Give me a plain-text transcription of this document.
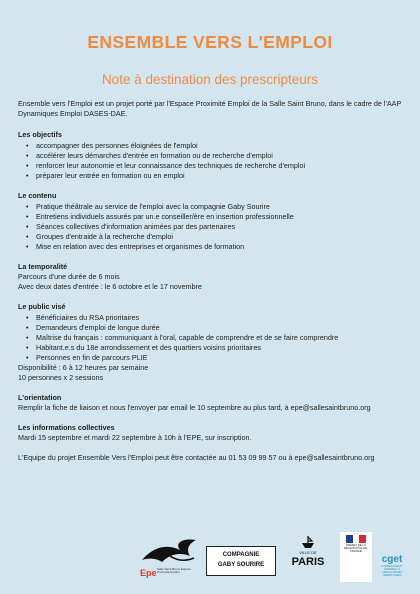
ENSEMBLE VERS L'EMPLOI
Note à destination des prescripteurs

Ensemble vers l'Emploi est un projet porté par l'Espace Proximité Emploi de la Salle Saint Bruno, dans le cadre de l'AAP Dynamiques Emploi DASES-DAE.

Les objectifs

• accompagner des personnes éloignées de l'emploi
• accélérer leurs démarches d'entrée en formation ou de recherche d'emploi
• renforcer leur autonomie et leur connaissance des techniques de recherche d'emploi
• préparer leur entrée en formation ou en emploi

Le contenu

• Pratique théâtrale au service de l'emploi avec la compagnie Gaby Sourire
• Entretiens individuels assurés par un.e conseiller/ère en insertion professionnelle
• Séances collectives d'information animées par des partenaires
• Groupes d'entraide à la recherche d'emploi
• Mise en relation avec des entreprises et organismes de formation

La temporalité

Parcours d'une durée de 6 mois

Avec deux dates d'entrée : le 6 octobre et le 17 novembre

Le public visé

• Bénéficiaires du RSA prioritaires
• Demandeurs d'emploi de longue durée
• Maîtrise du français : communiquant à l'oral, capable de comprendre et de se faire comprendre
• Habitant.e.s du 18e arrondissement et des quartiers voisins prioritaires
• Personnes en fin de parcours PLIE

Disponibilité : 6 à 12 heures par semaine

10 personnes x 2 sessions

L'orientation

Remplir la fiche de liaison et nous l'envoyer par email le 10 septembre au plus tard, à epe@sallesaintbruno.org

Les informations collectives

Mardi 15 septembre et mardi 22 septembre à 10h à l'EPE, sur inscription.

L'Equipe du projet Ensemble Vers l'Emploi peut être contactée au 01 53 09 99 57 ou à epe@sallesaintbruno.org

Epe Salle Saint Bruno Espace Proximité Emploi
COMPAGNIE
GABY SOURIRE
VILLE DE
PARIS
PRÉFET DE LA RÉGION D'ÎLE-DE-FRANCE
cget
COMMISSARIAT GÉNÉRAL À L'ÉGALITÉ DES TERRITOIRES
